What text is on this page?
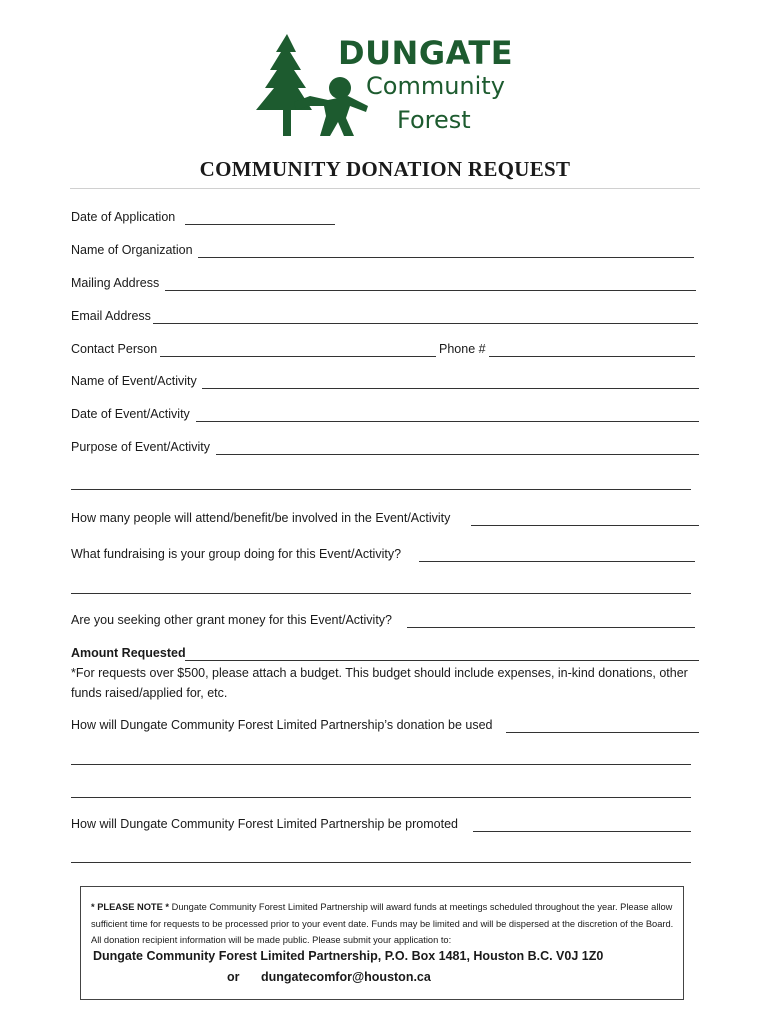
DUNGATE
Community
Forest
COMMUNITY DONATION REQUEST
Date of Application
Name of Organization
Mailing Address
Email Address
Contact Person	Phone #
Name of Event/Activity
Date of Event/Activity
Purpose of Event/Activity
How many people will attend/benefit/be involved in the Event/Activity
What fundraising is your group doing for this Event/Activity?
Are you seeking other grant money for this Event/Activity?
Amount Requested
*For requests over $500, please attach a budget. This budget should include expenses, in-kind donations, other funds raised/applied for, etc.
How will Dungate Community Forest Limited Partnership’s donation be used
How will Dungate Community Forest Limited Partnership be promoted
* PLEASE NOTE * Dungate Community Forest Limited Partnership will award funds at meetings scheduled throughout the year. Please allow sufficient time for requests to be processed prior to your event date. Funds may be limited and will be dispersed at the discretion of the Board. All donation recipient information will be made public. Please submit your application to:
Dungate Community Forest Limited Partnership, P.O. Box 1481, Houston B.C. V0J 1Z0
or dungatecomfor@houston.ca
